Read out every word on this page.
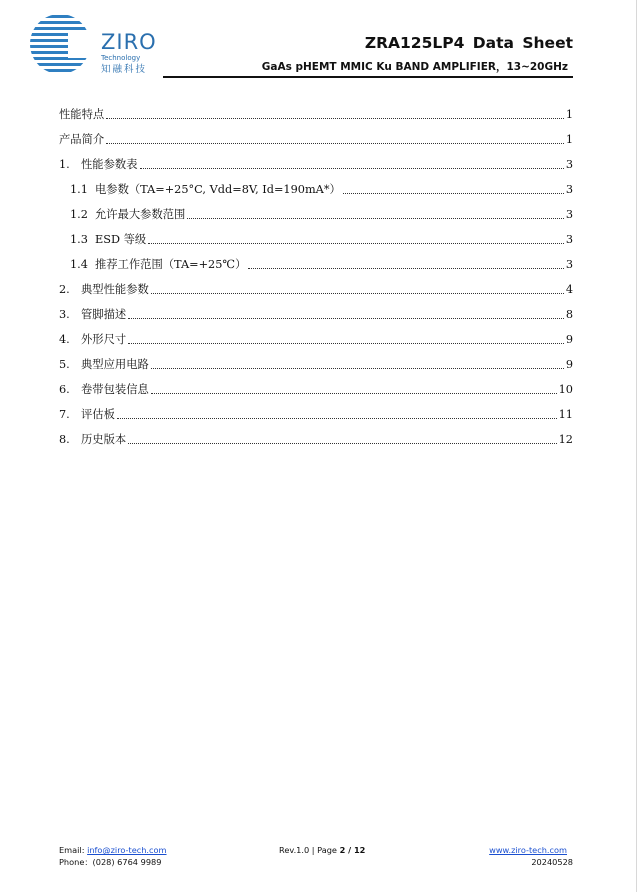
ZIRO
Technology
知融科技
ZRA125LP4 Data Sheet
GaAs pHEMT MMIC Ku BAND AMPLIFIER，13~20GHz
性能特点	1
产品简介	1
1. 性能参数表	3
1.1 电参数（TA=+25°C, Vdd=8V, Id=190mA*）	3
1.2 允许最大参数范围	3
1.3 ESD 等级	3
1.4 推荐工作范围（TA=+25℃）	3
2. 典型性能参数	4
3. 管脚描述	8
4. 外形尺寸	9
5. 典型应用电路	9
6. 卷带包装信息	10
7. 评估板	11
8. 历史版本	12
Email: info@ziro-tech.com
Phone：(028) 6764 9989
Rev.1.0 | Page 2 / 12	www.ziro-tech.com
20240528
